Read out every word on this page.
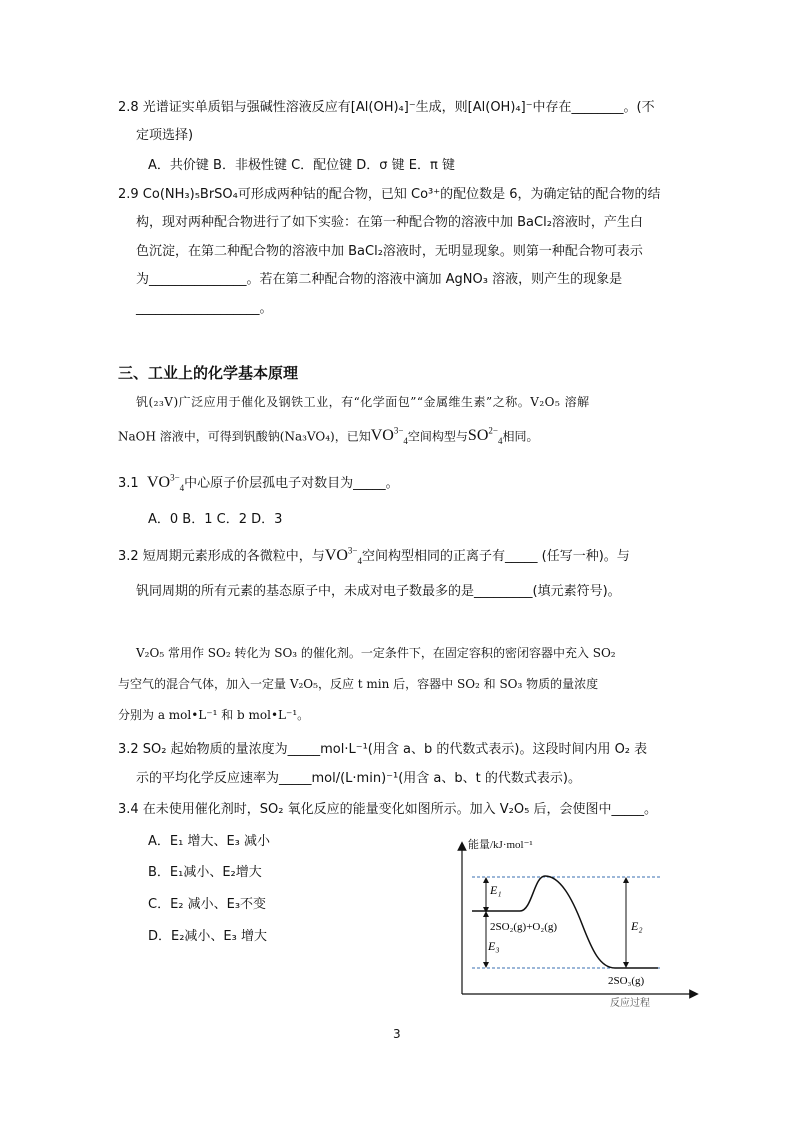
2.8 光谱证实单质铝与强碱性溶液反应有[Al(OH)₄]⁻生成，则[Al(OH)₄]⁻中存在________。(不
定项选择)
A．共价键 B．非极性键 C．配位键 D．σ 键 E．π 键
2.9 Co(NH₃)₅BrSO₄可形成两种钴的配合物，已知 Co³⁺的配位数是 6，为确定钴的配合物的结
构，现对两种配合物进行了如下实验：在第一种配合物的溶液中加 BaCl₂溶液时，产生白
色沉淀，在第二种配合物的溶液中加 BaCl₂溶液时，无明显现象。则第一种配合物可表示
为_______________。若在第二种配合物的溶液中滴加 AgNO₃ 溶液，则产生的现象是
___________________。
三、工业上的化学基本原理
钒(₂₃V)广泛应用于催化及钢铁工业，有“化学面包”“金属维生素”之称。V₂O₅ 溶解
NaOH 溶液中，可得到钒酸钠(Na₃VO₄)，已知$VO^{3-}_4$空间构型与$SO^{2-}_4$相同。
3.1 $VO^{3-}_4$中心原子价层孤电子对数目为_____。
A．0 B．1 C．2 D．3
3.2 短周期元素形成的各微粒中，与$VO^{3-}_4$空间构型相同的正离子有_____ (任写一种)。与
钒同周期的所有元素的基态原子中，未成对电子数最多的是_________(填元素符号)。
V₂O₅ 常用作 SO₂ 转化为 SO₃ 的催化剂。一定条件下，在固定容积的密闭容器中充入 SO₂
与空气的混合气体，加入一定量 V₂O₅，反应 t min 后，容器中 SO₂ 和 SO₃ 物质的量浓度
分别为 a mol•L⁻¹ 和 b mol•L⁻¹。
3.2 SO₂ 起始物质的量浓度为_____mol·L⁻¹(用含 a、b 的代数式表示)。这段时间内用 O₂ 表
示的平均化学反应速率为_____mol/(L·min)⁻¹(用含 a、b、t 的代数式表示)。
3.4 在未使用催化剂时，SO₂ 氧化反应的能量变化如图所示。加入 V₂O₅ 后，会使图中_____。
A．E₁ 增大、E₃ 减小
B．E₁减小、E₂增大
C．E₂ 减小、E₃不变
D．E₂减小、E₃ 增大
能量/kJ·mol⁻¹
E₁
E₃
E₂
2SO₂(g)+O₂(g)
2SO₃(g)
反应过程
3
